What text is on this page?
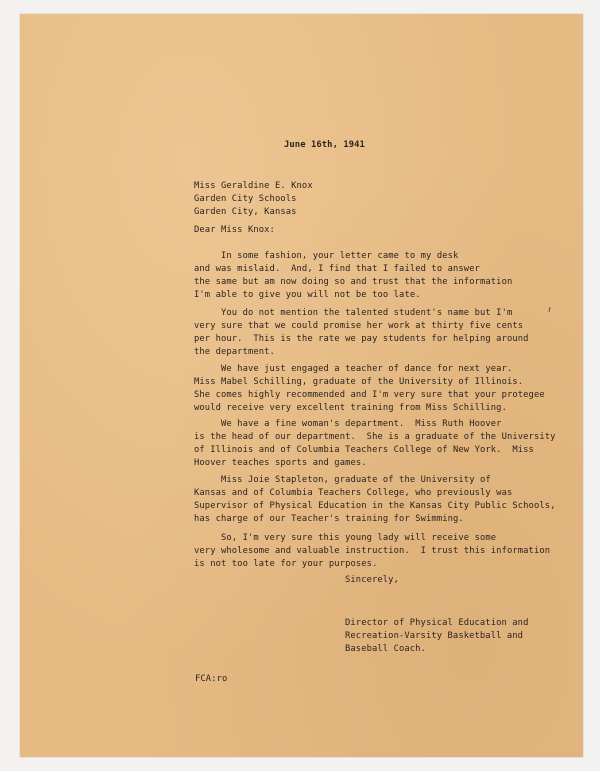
June 16th, 1941
Miss Geraldine E. Knox
Garden City Schools
Garden City, Kansas
Dear Miss Knox:
In some fashion, your letter came to my desk
and was mislaid.  And, I find that I failed to answer
the same but am now doing so and trust that the information
I'm able to give you will not be too late.
You do not mention the talented student's name but I'm
very sure that we could promise her work at thirty five cents
per hour.  This is the rate we pay students for helping around
the department.
We have just engaged a teacher of dance for next year.
Miss Mabel Schilling, graduate of the University of Illinois.
She comes highly recommended and I'm very sure that your protegee
would receive very excellent training from Miss Schilling.
We have a fine woman's department.  Miss Ruth Hoover
is the head of our department.  She is a graduate of the University
of Illinois and of Columbia Teachers College of New York.  Miss
Hoover teaches sports and games.
Miss Joie Stapleton, graduate of the University of
Kansas and of Columbia Teachers College, who previously was
Supervisor of Physical Education in the Kansas City Public Schools,
has charge of our Teacher's training for Swimming.
So, I'm very sure this young lady will receive some
very wholesome and valuable instruction.  I trust this information
is not too late for your purposes.
Sincerely,
Director of Physical Education and
Recreation-Varsity Basketball and
Baseball Coach.
FCA:ro
